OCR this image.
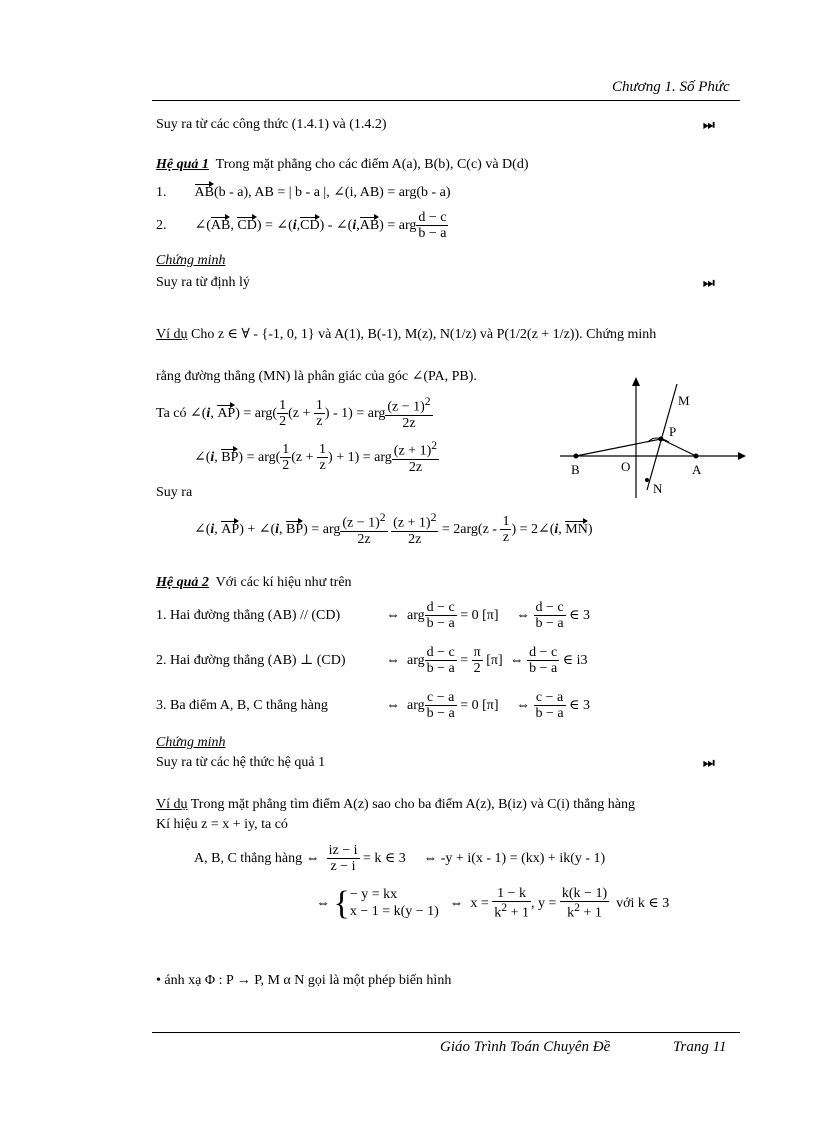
Chương 1. Số Phức
Suy ra từ các công thức (1.4.1) và (1.4.2)	⏭
Hệ quả 1 Trong mặt phẳng cho các điểm A(a), B(b), C(c) và D(d)
1.        AB(b - a), AB = | b - a |, ∠(i, AB) = arg(b - a)
2.        ∠(AB, CD) = ∠(i,CD) - ∠(i,AB) = arg $\frac{d - c}{b - a}$
Chứng minh
Suy ra từ định lý	⏭
Ví dụ Cho z ∈ ∀ - {-1, 0, 1} và A(1), B(-1), M(z), N(1/z) và P(1/2(z + 1/z)). Chứng minh
rằng đường thẳng (MN) là phân giác của góc ∠(PA, PB).
Ta có ∠(i, $AP) = arg( \frac{1}{2} (z + \frac{1}{z}$ ) - 1) = arg $\frac{(z - 1)^2}{2z}$
∠(i, $BP) = arg( \frac{1}{2} (z + \frac{1}{z}$ ) + 1) = arg $\frac{(z + 1)^2}{2z}$
Suy ra
∠(i, AP) + ∠(i, BP) = arg $\frac{(z - 1)^2}{2z}$
$\frac{(z + 1)^2}{2z} = 2arg(z - \frac{1}{z}$ ) = 2∠(i, MN)
M
P
B	O	A
N
Hệ quả 2 Với các kí hiệu như trên
1. Hai đường thẳng (AB) // (CD)	⇔  arg $\frac{d - c}{b - a} = 0$ [π]     ⇔ $\frac{d - c}{b - a}$ ∈ 3
2. Hai đường thẳng (AB) ⊥ (CD)	⇔  arg $\frac{d - c}{b - a} = \frac{\pi}{2} [\pi]$  ⇔ $\frac{d - c}{b - a}$ ∈ i3
3. Ba điểm A, B, C thẳng hàng	⇔  arg $\frac{c - a}{b - a} = 0$ [π]     ⇔ $\frac{c - a}{b - a}$ ∈ 3
Chứng minh
Suy ra từ các hệ thức hệ quả 1	⏭
Ví dụ Trong mặt phẳng tìm điểm A(z) sao cho ba điểm A(z), B(iz) và C(i) thẳng hàng
Kí hiệu z = x + iy, ta có
A, B, C thẳng hàng ⇔ $\frac{iz - i}{z - i} = k$ ∈ 3     ⇔ -y + i(x - 1) = (kx) + ik(y - 1)
⇔ { − y = kx
x − 1 = k(y − 1)
⇔  $x = \frac{1 - k}{k^2 + 1}$ , $y = \frac{k(k - 1)}{k^2 + 1}$ với k ∈ 3
• ánh xạ Φ : P → P, M α N gọi là một phép biến hình
Giáo Trình Toán Chuyên Đề	Trang 11
